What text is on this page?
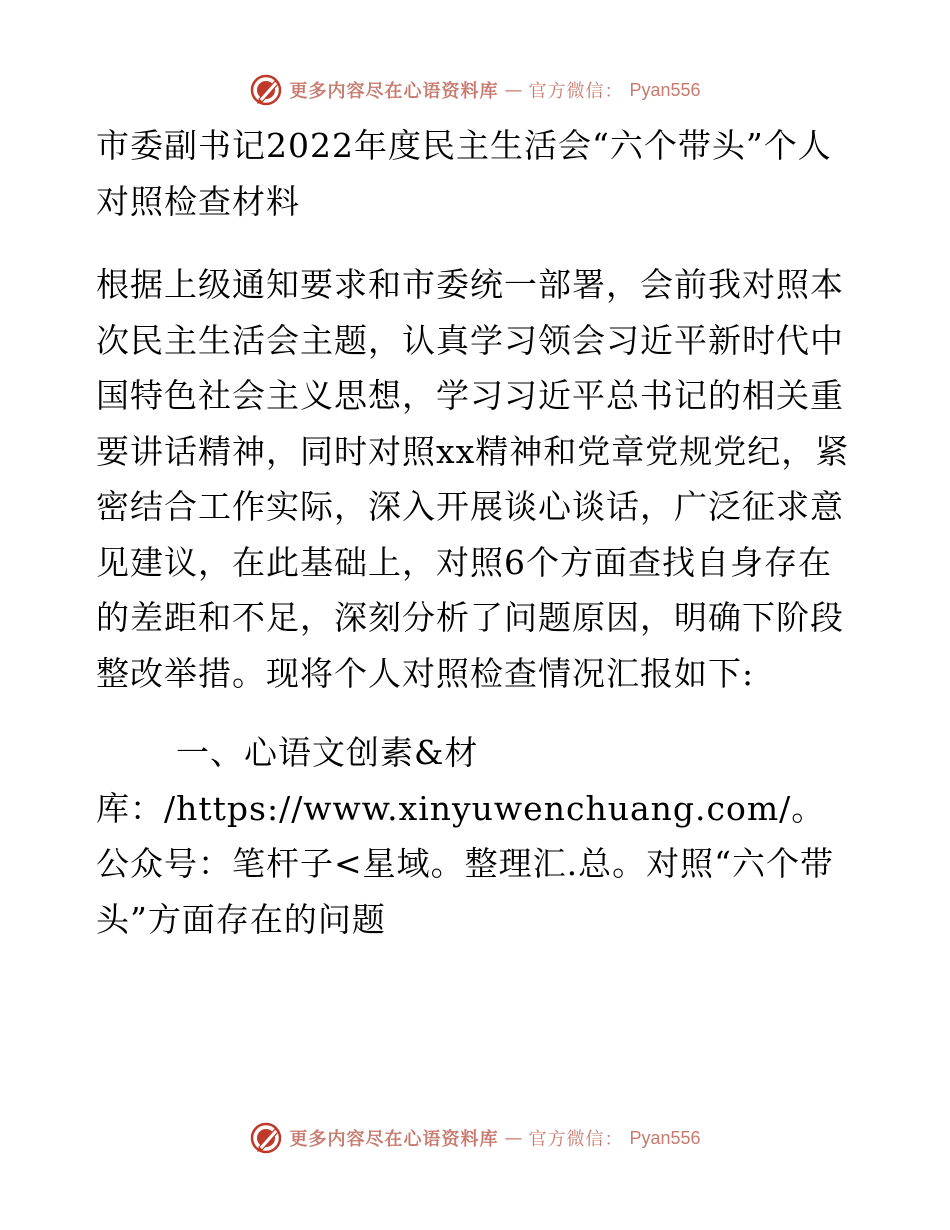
更多内容尽在心语资料库 — 官方微信： Pyan556

市委副书记2022年度民主生活会“六个带头”个人对照检查材料

根据上级通知要求和市委统一部署，会前我对照本次民主生活会主题，认真学习领会习近平新时代中国特色社会主义思想，学习习近平总书记的相关重要讲话精神，同时对照xx精神和党章党规党纪，紧密结合工作实际，深入开展谈心谈话，广泛征求意见建议，在此基础上，对照6个方面查找自身存在的差距和不足，深刻分析了问题原因，明确下阶段整改举措。现将个人对照检查情况汇报如下:

一、心语文创素&材

库：/https://www.xinyuwenchuang.com/。公众号：笔杆子<星域。整理汇.总。对照“六个带头”方面存在的问题

更多内容尽在心语资料库 — 官方微信： Pyan556
